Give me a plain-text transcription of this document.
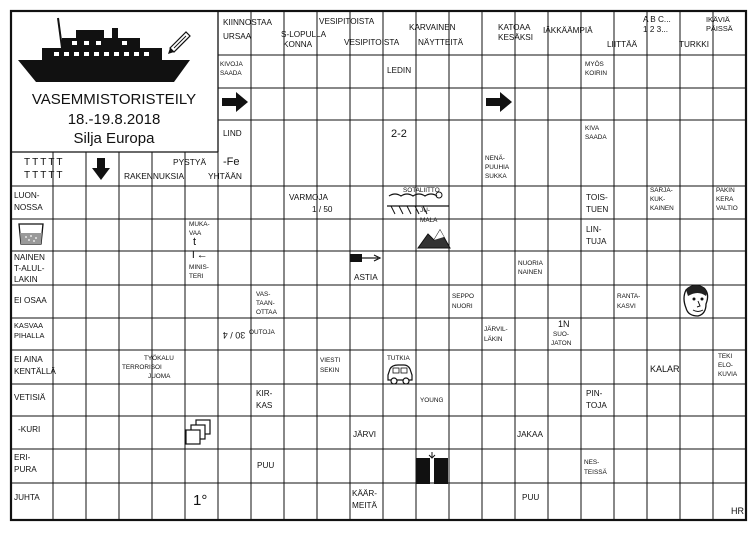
VASEMMISTORISTEILY
18.-19.8.2018
Silja Europa
TTTTT
TTTTT
PYSTYÄ
RAKENNUKSIA
-Fe
YHTÄÄN
KIINNOSTAA
URSAA	S-LOPULLA KONNA
VESIPITOISTA
VESIPITOISTA
KARVAINEN
NÄYTTEITÄ
KATOAA KESÄKSI
IÄKKÄÄMPIÄ
LIITTÄÄ
A B C... 1 2 3...
TURKKI
IKÄVIÄ PÄISSÄ
LUON-NOSSA
NAINEN T-ALUL-LAKIN
EI OSAA
KASVAA PIHALLA
EI AINA KENTÄLLÄ
VETISIÄ
-KURI
ERI-PURA
JUHTA
KIVOJA SAADA	LEDIN
MYÖS KOIRIN
LIND	2-2	KIVA SAADA
NENÄ-PUUHIA SUKKA
VARMOJA
1 / 50
SOTALIITTO
JU-MALA
TOIS-TUEN
SARJA-KUK-KAINEN
PAKIN KERA VALTIO
MUKA-VAA
t
T←
MINIS-TERI
LIN-TUJA
ASTIA
NUORIA NAINEN
VAS-TAAN-OTTAA
SEPPO NUORI
RANTA-KASVI
30 / 4 OUTOJA	JÄRVIL-LÄKIN
1N SUO-JATON
TYÖKALU TERRORISOI JUOMA
VIESTI SEKIN
TUTKIA
KALAR
TEKI ELO-KUVIA
KIR-KAS
YOUNG
PIN-TOJA
JÄRVI	JAKAA
PUU	NES-TEISSÄ
1°	KÄÄR-MEITÄ
PUU
HR
